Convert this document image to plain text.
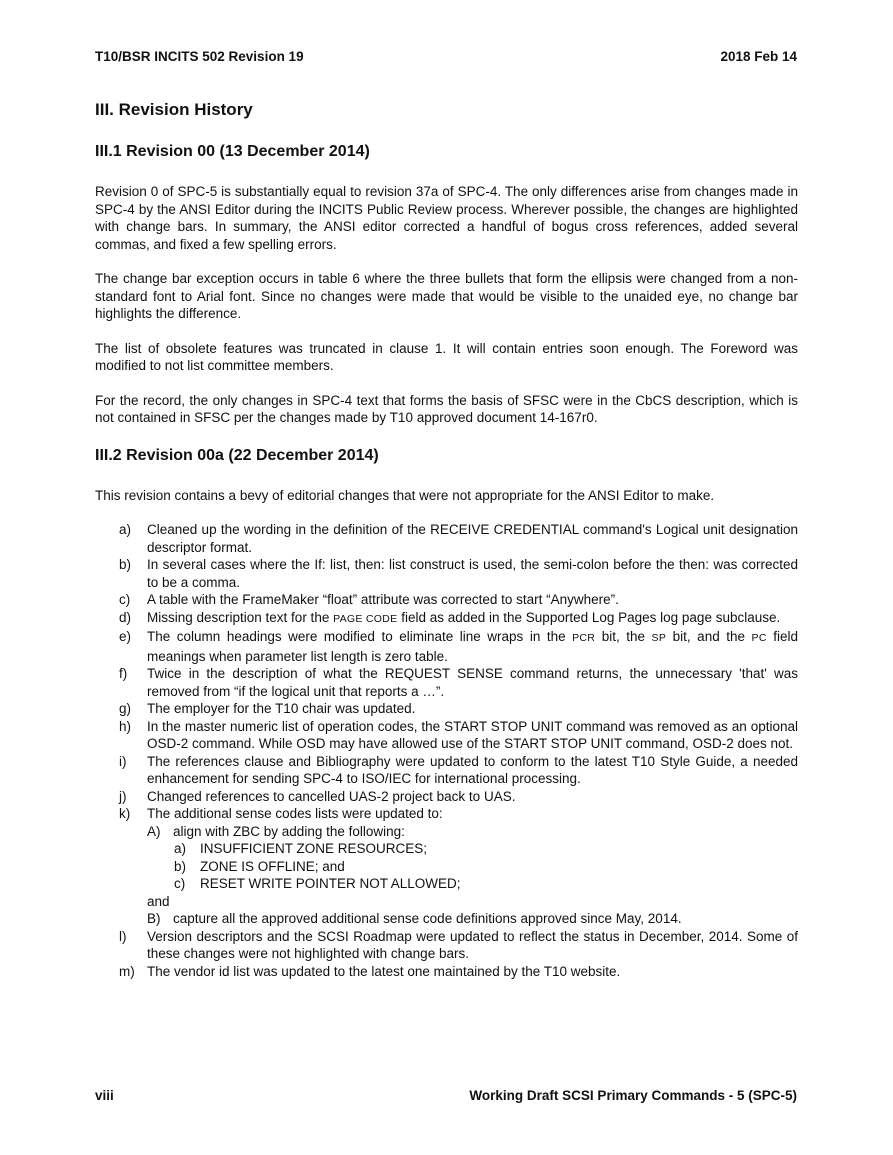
T10/BSR INCITS 502 Revision 19	2018 Feb 14
III. Revision History
III.1 Revision 00 (13 December 2014)

Revision 0 of SPC-5 is substantially equal to revision 37a of SPC-4. The only differences arise from changes made in SPC-4 by the ANSI Editor during the INCITS Public Review process. Wherever possible, the changes are highlighted with change bars. In summary, the ANSI editor corrected a handful of bogus cross references, added several commas, and fixed a few spelling errors.

The change bar exception occurs in table 6 where the three bullets that form the ellipsis were changed from a non-standard font to Arial font. Since no changes were made that would be visible to the unaided eye, no change bar highlights the difference.

The list of obsolete features was truncated in clause 1. It will contain entries soon enough. The Foreword was modified to not list committee members.

For the record, the only changes in SPC-4 text that forms the basis of SFSC were in the CbCS description, which is not contained in SFSC per the changes made by T10 approved document 14-167r0.

III.2 Revision 00a (22 December 2014)

This revision contains a bevy of editorial changes that were not appropriate for the ANSI Editor to make.

a) Cleaned up the wording in the definition of the RECEIVE CREDENTIAL command's Logical unit designation descriptor format.
b) In several cases where the If: list, then: list construct is used, the semi-colon before the then: was corrected to be a comma.
c) A table with the FrameMaker “float” attribute was corrected to start “Anywhere”.
d) Missing description text for the PAGE CODE field as added in the Supported Log Pages log page subclause.
e) The column headings were modified to eliminate line wraps in the PCR bit, the SP bit, and the PC field meanings when parameter list length is zero table.
f) Twice in the description of what the REQUEST SENSE command returns, the unnecessary 'that' was removed from “if the logical unit that reports a …”.
g) The employer for the T10 chair was updated.
h) In the master numeric list of operation codes, the START STOP UNIT command was removed as an optional OSD-2 command. While OSD may have allowed use of the START STOP UNIT command, OSD-2 does not.
i) The references clause and Bibliography were updated to conform to the latest T10 Style Guide, a needed enhancement for sending SPC-4 to ISO/IEC for international processing.
j) Changed references to cancelled UAS-2 project back to UAS.
k) The additional sense codes lists were updated to:
A) align with ZBC by adding the following:
a) INSUFFICIENT ZONE RESOURCES;
b) ZONE IS OFFLINE; and
c) RESET WRITE POINTER NOT ALLOWED;
and
B) capture all the approved additional sense code definitions approved since May, 2014.
l) Version descriptors and the SCSI Roadmap were updated to reflect the status in December, 2014. Some of these changes were not highlighted with change bars.
m) The vendor id list was updated to the latest one maintained by the T10 website.
viii	Working Draft SCSI Primary Commands - 5 (SPC-5)
